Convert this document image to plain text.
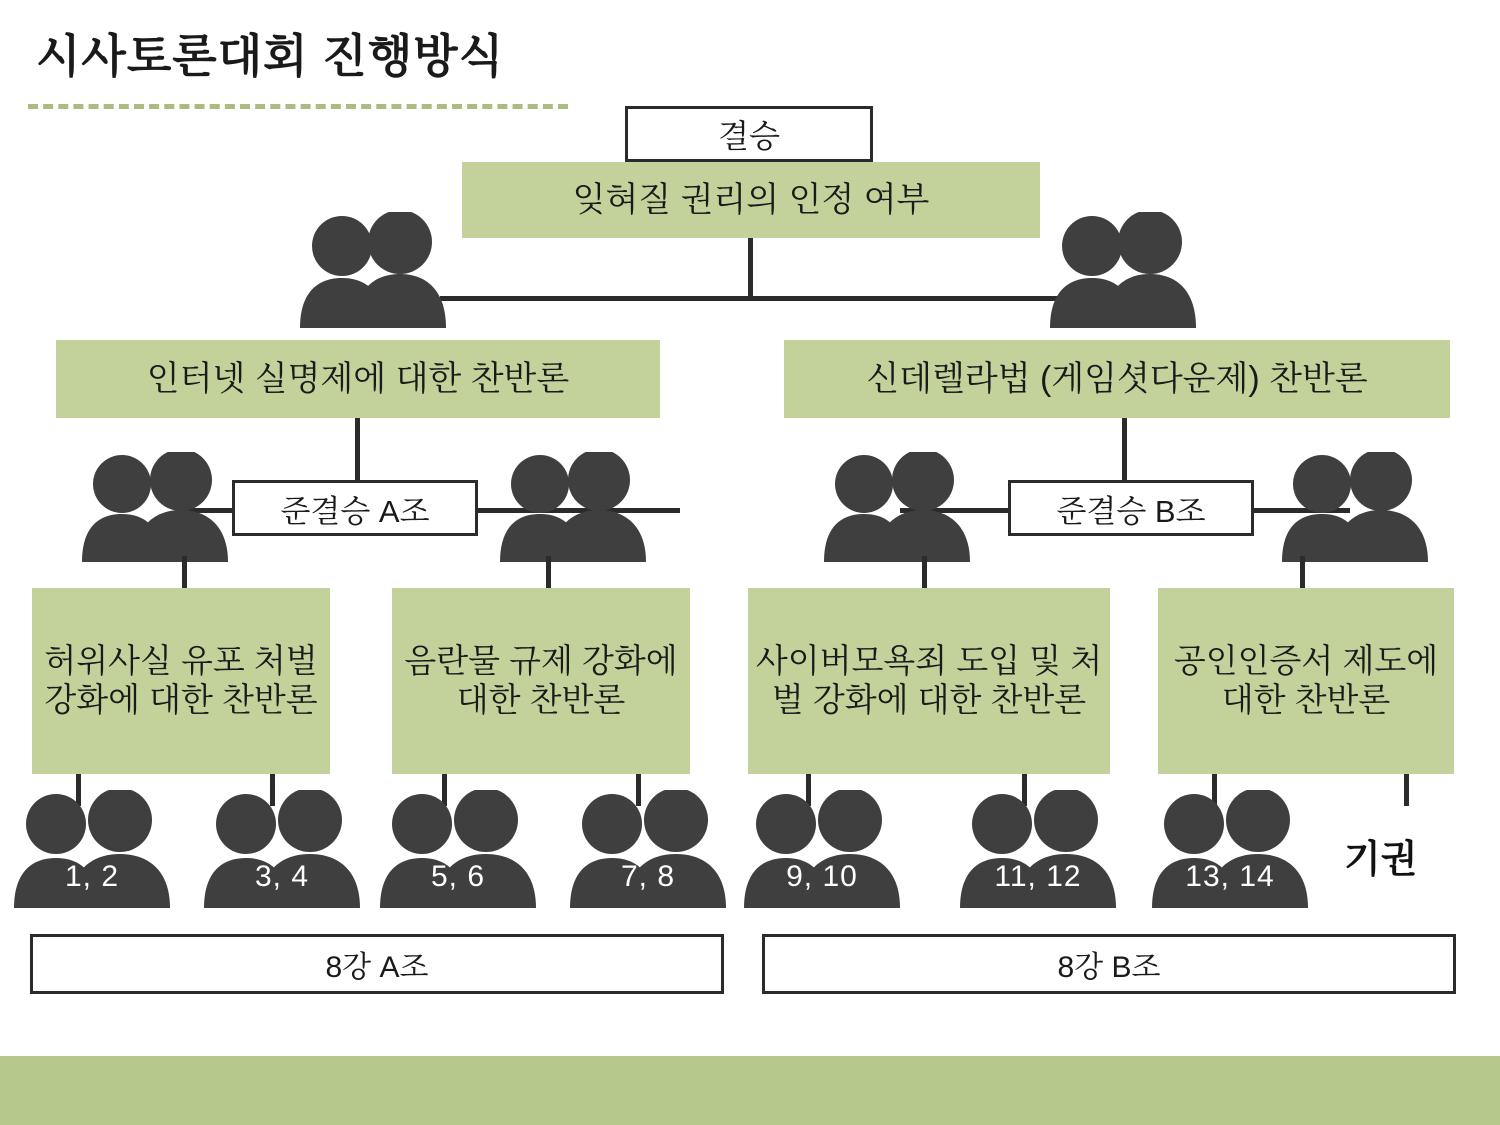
시사토론대회 진행방식
결승
잊혀질 권리의 인정 여부
인터넷 실명제에 대한 찬반론	신데렐라법 (게임셧다운제) 찬반론
준결승 A조	준결승 B조
허위사실 유포 처벌 강화에 대한 찬반론
음란물 규제 강화에 대한 찬반론
사이버모욕죄 도입 및 처벌 강화에 대한 찬반론
공인인증서 제도에 대한 찬반론
1, 2	3, 4	5, 6	7, 8	9, 10	11, 12	13, 14	기권
8강 A조	8강 B조
